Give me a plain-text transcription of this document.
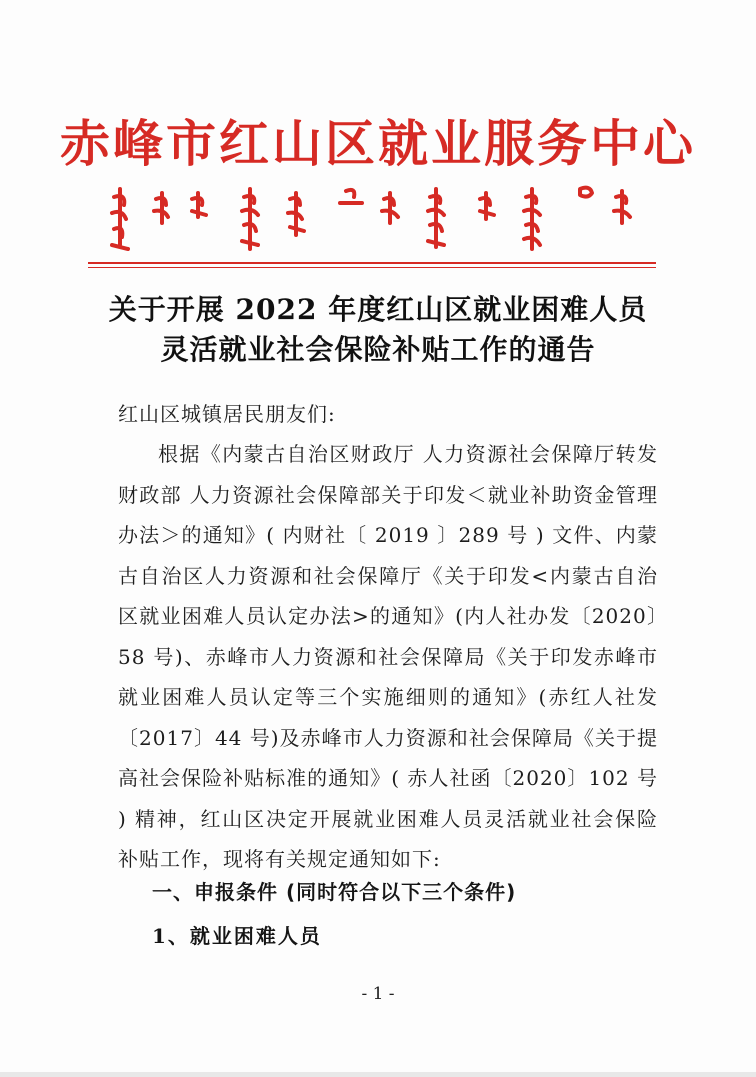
赤峰市红山区就业服务中心
关于开展 2022 年度红山区就业困难人员
灵活就业社会保险补贴工作的通告
红山区城镇居民朋友们:
根据《内蒙古自治区财政厅 人力资源社会保障厅转发财政部 人力资源社会保障部关于印发＜就业补助资金管理办法＞的通知》( 内财社〔 2019 〕289 号 ) 文件、内蒙古自治区人力资源和社会保障厅《关于印发<内蒙古自治区就业困难人员认定办法>的通知》(内人社办发〔2020〕58 号)、赤峰市人力资源和社会保障局《关于印发赤峰市就业困难人员认定等三个实施细则的通知》(赤红人社发〔2017〕44 号)及赤峰市人力资源和社会保障局《关于提高社会保险补贴标准的通知》( 赤人社函〔2020〕102 号 ) 精神，红山区决定开展就业困难人员灵活就业社会保险补贴工作，现将有关规定通知如下:
一、申报条件 (同时符合以下三个条件)
1、就业困难人员
- 1 -
